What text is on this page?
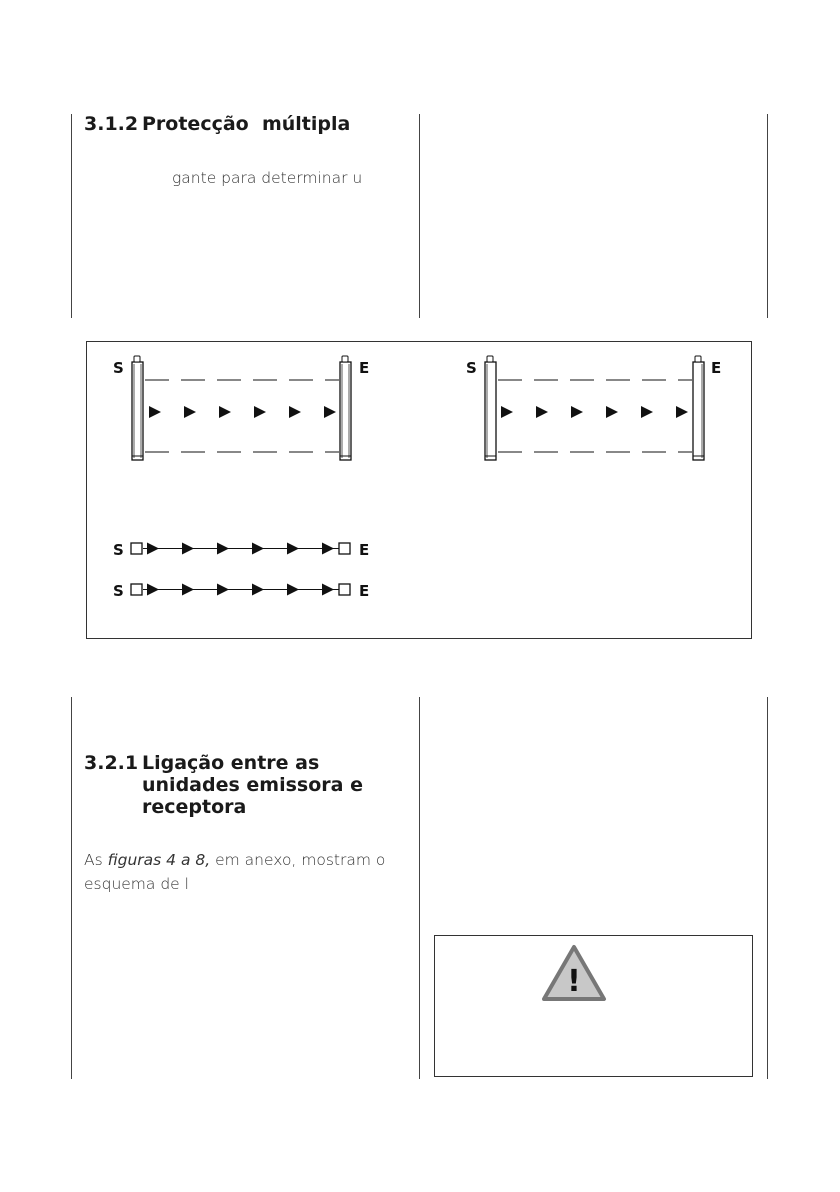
3.1.2 Protecção  múltipla

gante para determinar u

S	E	S	E
S	E
S	E
3.2.1 Ligação entre as
unidades emissora e
receptora

As figuras 4 a 8, em anexo, mostram o
esquema de l

!
